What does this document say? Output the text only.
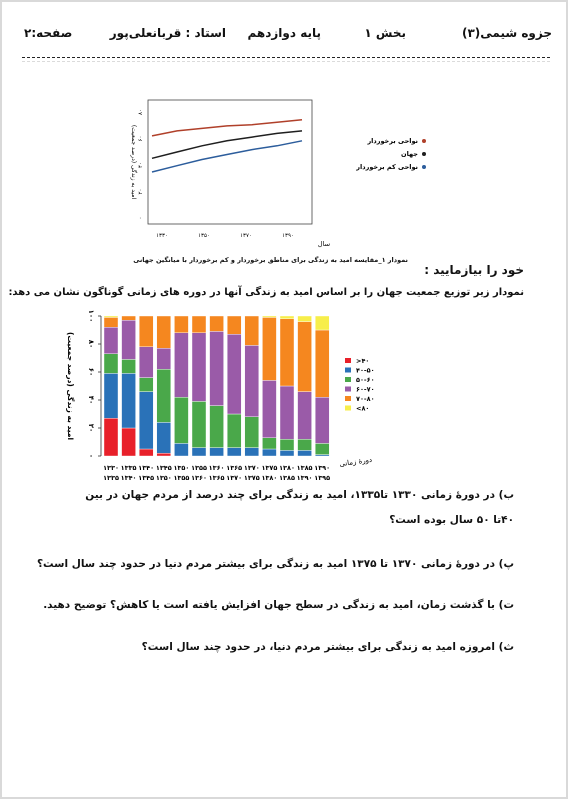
جزوه شیمی(۳)
بخش ۱
پایه دوازدهم
استاد : قربانعلی‌پور
صفحه:۲
۸۰
۶۰
۴۰
۲۰
۰
۱۳۳۰	۱۳۵۰	۱۳۷۰	۱۳۹۰
امید به زندگی (درصد جمعیت)
سال
نواحی برخوردار
جهان
نواحی کم برخوردار
نمودار ۱_مقایسه امید به زندگی برای مناطق برخوردار و کم برخوردار با میانگین جهانی
خود را بیازمایید :
نمودار زیر توزیع جمعیت جهان را بر اساس امید به زندگی آنها در دوره های زمانی گوناگون نشان می دهد:
۰
۲۰
۴۰
۶۰
۸۰
۱۰۰
امید به زندگی (درصد جمعیت)
۱۳۳۰
۱۳۳۵
۱۳۳۵
۱۳۴۰
۱۳۴۰
۱۳۴۵
۱۳۴۵
۱۳۵۰
۱۳۵۰
۱۳۵۵
۱۳۵۵
۱۳۶۰
۱۳۶۰
۱۳۶۵
۱۳۶۵
۱۳۷۰
۱۳۷۰
۱۳۷۵
۱۳۷۵
۱۳۸۰
۱۳۸۰
۱۳۸۵
۱۳۸۵
۱۳۹۰
۱۳۹۰
۱۳۹۵
دورهٔ زمانی
>۴۰
۴۰-۵۰
۵۰-۶۰
۶۰-۷۰
۷۰-۸۰
<۸۰
ب) در دورهٔ زمانی ۱۳۳۰ تا۱۳۳۵، امید به زندگی برای چند درصد از مردم جهان در بین
۴۰تا ۵۰ سال بوده است؟
پ) در دورهٔ زمانی ۱۳۷۰ تا ۱۳۷۵ امید به زندگی برای بیشتر مردم دنیا در حدود چند سال است؟
ت) با گذشت زمان، امید به زندگی در سطح جهان افزایش یافته است یا کاهش؟ توضیح دهید.
ث) امروزه امید به زندگی برای بیشتر مردم دنیا، در حدود چند سال است؟
